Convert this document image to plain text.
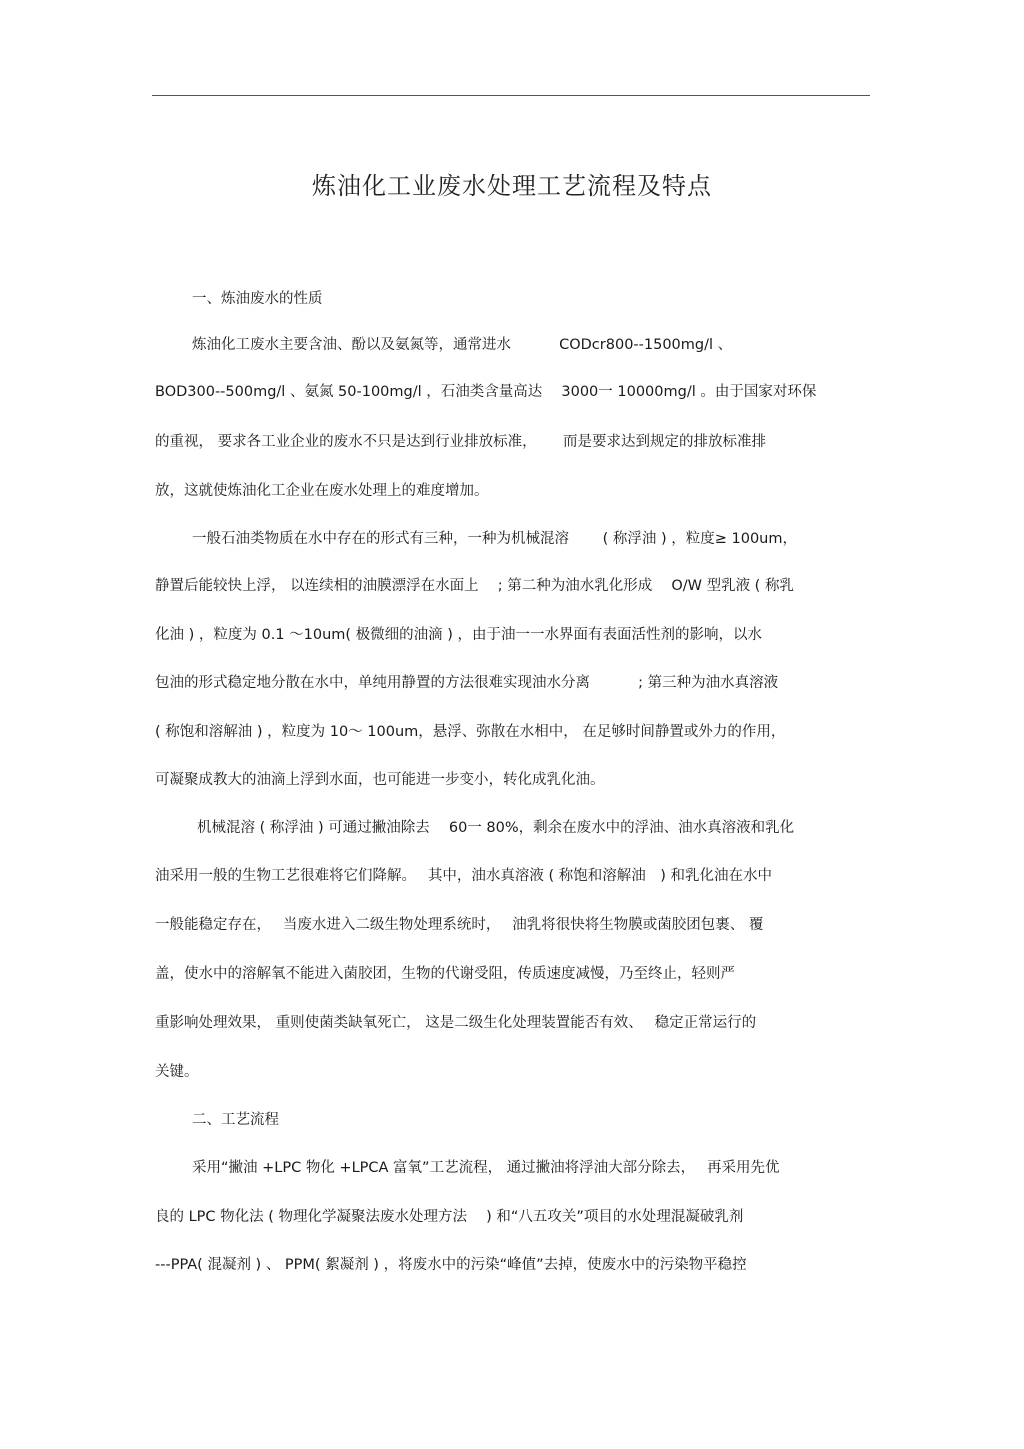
炼油化工业废水处理工艺流程及特点
一、炼油废水的性质
炼油化工废水主要含油、酚以及氨氮等，通常进水　　　 CODcr800--1500mg/l 、
BOD300--500mg/l 、氨氮 50-100mg/l ，石油类含量高达　 3000一 10000mg/l 。由于国家对环保
的重视， 要求各工业企业的废水不只是达到行业排放标准，　　 而是要求达到规定的排放标准排
放，这就使炼油化工企业在废水处理上的难度增加。
一般石油类物质在水中存在的形式有三种，一种为机械混溶　　 ( 称浮油 ) ，粒度≥ 100um，
静置后能较快上浮， 以连续相的油膜漂浮在水面上　 ; 第二种为油水乳化形成　 O/W 型乳液 ( 称乳
化油 ) ，粒度为 0.1 ～10um( 极微细的油滴 ) ，由于油一一水界面有表面活性剂的影响，以水
包油的形式稳定地分散在水中，单纯用静置的方法很难实现油水分离　　　 ; 第三种为油水真溶液
( 称饱和溶解油 ) ，粒度为 10～ 100um，悬浮、弥散在水相中， 在足够时间静置或外力的作用，
可凝聚成教大的油滴上浮到水面，也可能进一步变小，转化成乳化油。
机械混溶 ( 称浮油 ) 可通过撇油除去　 60一 80%，剩余在废水中的浮油、油水真溶液和乳化
油采用一般的生物工艺很难将它们降解。　 其中，油水真溶液 ( 称饱和溶解油　) 和乳化油在水中
一般能稳定存在，　 当废水进入二级生物处理系统时，　 油乳将很快将生物膜或菌胶团包裹、 覆
盖，使水中的溶解氧不能进入菌胶团，生物的代谢受阻，传质速度减慢，乃至终止，轻则严
重影响处理效果， 重则使菌类缺氧死亡， 这是二级生化处理装置能否有效、　 稳定正常运行的
关键。
二、工艺流程
采用“撇油 +LPC 物化 +LPCA 富氧”工艺流程， 通过撇油将浮油大部分除去，　 再采用先优
良的 LPC 物化法 ( 物理化学凝聚法废水处理方法　 ) 和“八五攻关”项目的水处理混凝破乳剂
---PPA( 混凝剂 ) 、 PPM( 絮凝剂 ) ，将废水中的污染“峰值”去掉，使废水中的污染物平稳控
